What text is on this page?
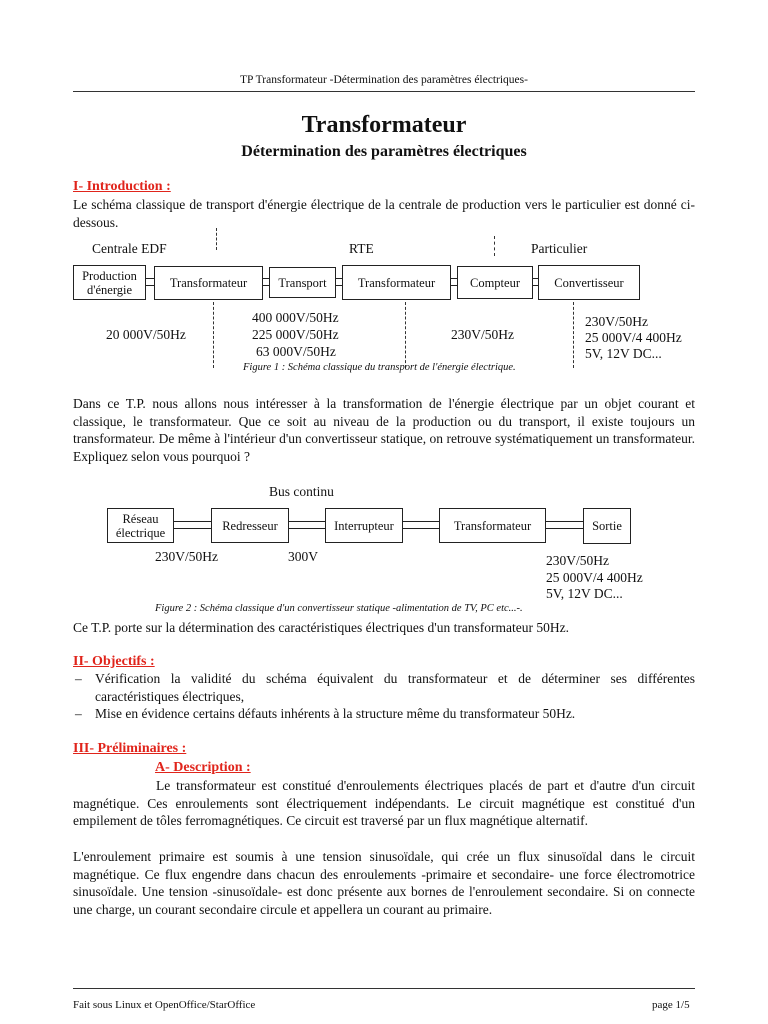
TP Transformateur -Détermination des paramètres électriques-
Transformateur
Détermination des paramètres électriques
I- Introduction :
Le schéma classique de transport d'énergie électrique de la centrale de production vers le particulier est donné ci-dessous.
Centrale EDF	RTE	Particulier
Production d'énergie	Transformateur	Transport	Transformateur	Compteur	Convertisseur
20 000V/50Hz
400 000V/50Hz
225 000V/50Hz
63 000V/50Hz
230V/50Hz
230V/50Hz
25 000V/4 400Hz
5V, 12V DC...
Figure 1 : Schéma classique du transport de l'énergie électrique.
Dans ce T.P. nous allons nous intéresser à la transformation de l'énergie électrique par un objet courant et classique, le transformateur. Que ce soit au niveau de la production ou du transport, il existe toujours un transformateur. De même à l'intérieur d'un convertisseur statique, on retrouve systématiquement un transformateur. Expliquez selon vous pourquoi ?
Bus continu
Réseau électrique	Redresseur	Interrupteur	Transformateur	Sortie
230V/50Hz	300V	230V/50Hz
25 000V/4 400Hz
5V, 12V DC...
Figure 2 : Schéma classique d'un convertisseur statique -alimentation de TV, PC etc...-.
Ce T.P. porte sur la détermination des caractéristiques électriques d'un transformateur 50Hz.
II- Objectifs :
– Vérification la validité du schéma équivalent du transformateur et de déterminer ses différentes caractéristiques électriques,
– Mise en évidence certains défauts inhérents à la structure même du transformateur 50Hz.
III- Préliminaires :
A- Description :
Le transformateur est constitué d'enroulements électriques placés de part et d'autre d'un circuit magnétique. Ces enroulements sont électriquement indépendants. Le circuit magnétique est constitué d'un empilement de tôles ferromagnétiques. Ce circuit est traversé par un flux magnétique alternatif.
L'enroulement primaire est soumis à une tension sinusoïdale, qui crée un flux sinusoïdal dans le circuit magnétique. Ce flux engendre dans chacun des enroulements -primaire et secondaire- une force électromotrice sinusoïdale. Une tension -sinusoïdale- est donc présente aux bornes de l'enroulement secondaire. Si on connecte une charge, un courant secondaire circule et appellera un courant au primaire.
Fait sous Linux et OpenOffice/StarOffice	page 1/5
